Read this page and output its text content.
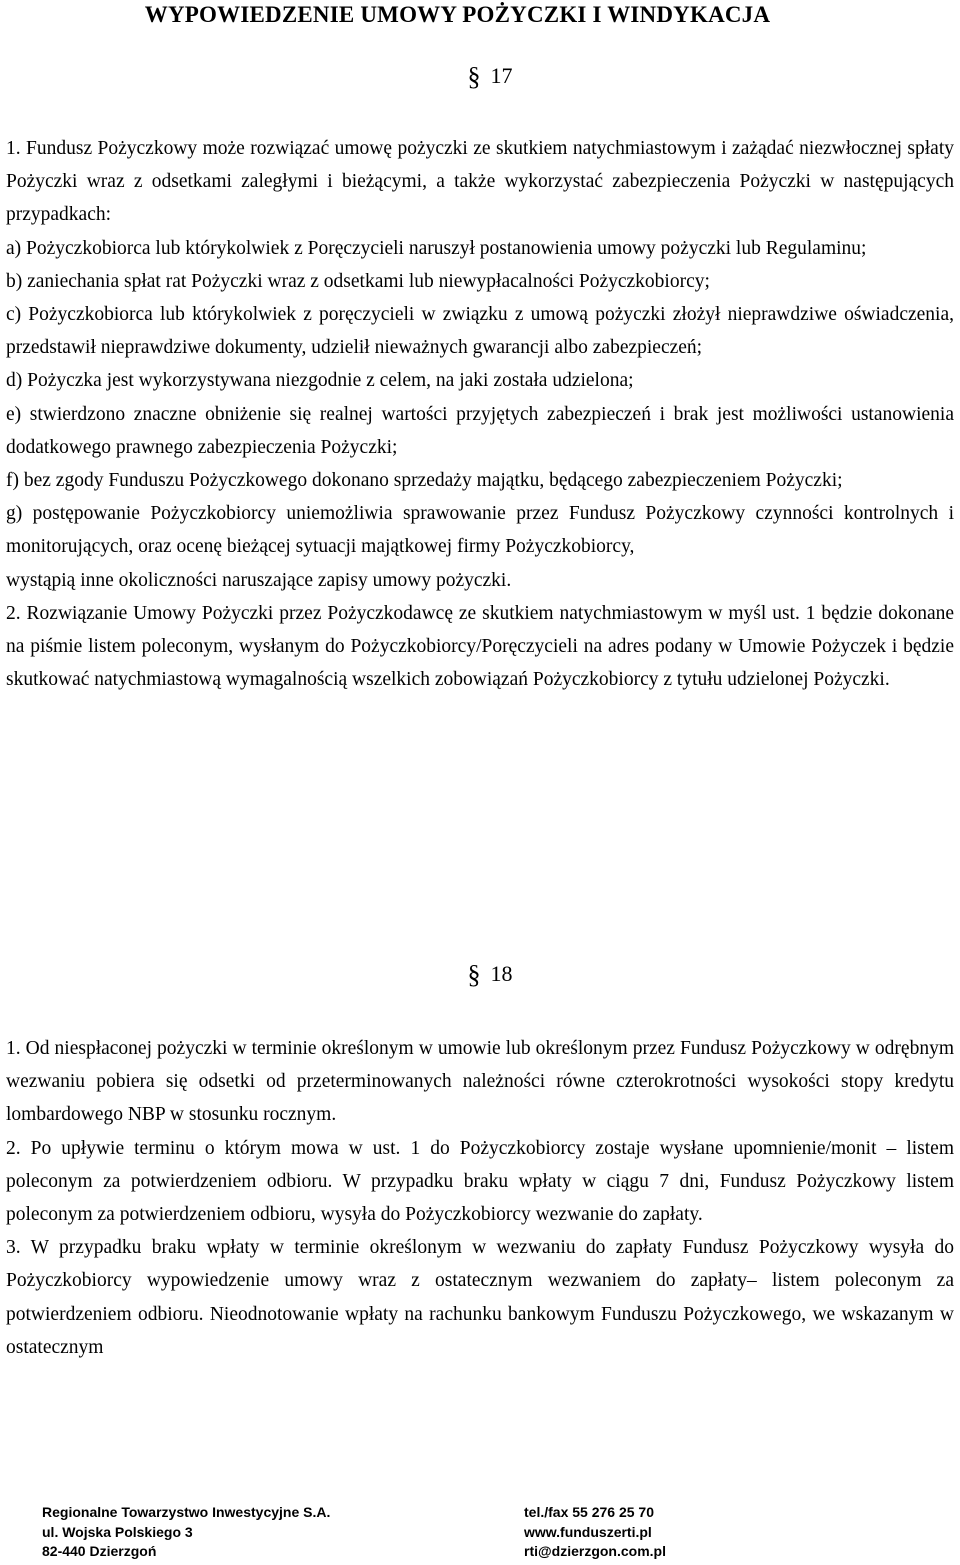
WYPOWIEDZENIE UMOWY POŻYCZKI I WINDYKACJA
§ 17

1. Fundusz Pożyczkowy może rozwiązać umowę pożyczki ze skutkiem natychmiastowym i zażądać niezwłocznej spłaty Pożyczki wraz z odsetkami zaległymi i bieżącymi, a także wykorzystać zabezpieczenia Pożyczki w następujących przypadkach:

a) Pożyczkobiorca lub którykolwiek z Poręczycieli naruszył postanowienia umowy pożyczki lub Regulaminu;

b) zaniechania spłat rat Pożyczki wraz z odsetkami lub niewypłacalności Pożyczkobiorcy;

c) Pożyczkobiorca lub którykolwiek z poręczycieli w związku z umową pożyczki złożył nieprawdziwe oświadczenia, przedstawił nieprawdziwe dokumenty, udzielił nieważnych gwarancji albo zabezpieczeń;

d) Pożyczka jest wykorzystywana niezgodnie z celem, na jaki została udzielona;

e) stwierdzono znaczne obniżenie się realnej wartości przyjętych zabezpieczeń i brak jest możliwości ustanowienia dodatkowego prawnego zabezpieczenia Pożyczki;

f) bez zgody Funduszu Pożyczkowego dokonano sprzedaży majątku, będącego zabezpieczeniem Pożyczki;

g) postępowanie Pożyczkobiorcy uniemożliwia sprawowanie przez Fundusz Pożyczkowy czynności kontrolnych i monitorujących, oraz ocenę bieżącej sytuacji majątkowej firmy Pożyczkobiorcy,

wystąpią inne okoliczności naruszające zapisy umowy pożyczki.

2. Rozwiązanie Umowy Pożyczki przez Pożyczkodawcę ze skutkiem natychmiastowym w myśl ust. 1 będzie dokonane na piśmie listem poleconym, wysłanym do Pożyczkobiorcy/Poręczycieli na adres podany w Umowie Pożyczek i będzie skutkować natychmiastową wymagalnością wszelkich zobowiązań Pożyczkobiorcy z tytułu udzielonej Pożyczki.

§ 18

1. Od niespłaconej pożyczki w terminie określonym w umowie lub określonym przez Fundusz Pożyczkowy w odrębnym wezwaniu pobiera się odsetki od przeterminowanych należności równe czterokrotności wysokości stopy kredytu lombardowego NBP w stosunku rocznym.

2. Po upływie terminu o którym mowa w ust. 1 do Pożyczkobiorcy zostaje wysłane upomnienie/monit – listem poleconym za potwierdzeniem odbioru. W przypadku braku wpłaty w ciągu 7 dni, Fundusz Pożyczkowy listem poleconym za potwierdzeniem odbioru, wysyła do Pożyczkobiorcy wezwanie do zapłaty.

3. W przypadku braku wpłaty w terminie określonym w wezwaniu do zapłaty Fundusz Pożyczkowy wysyła do Pożyczkobiorcy wypowiedzenie umowy wraz z ostatecznym wezwaniem do zapłaty– listem poleconym za potwierdzeniem odbioru. Nieodnotowanie wpłaty na rachunku bankowym Funduszu Pożyczkowego, we wskazanym w ostatecznym

Regionalne Towarzystwo Inwestycyjne S.A.
ul. Wojska Polskiego 3
82-440 Dzierzgoń
tel./fax 55 276 25 70
www.funduszerti.pl
rti@dzierzgon.com.pl
